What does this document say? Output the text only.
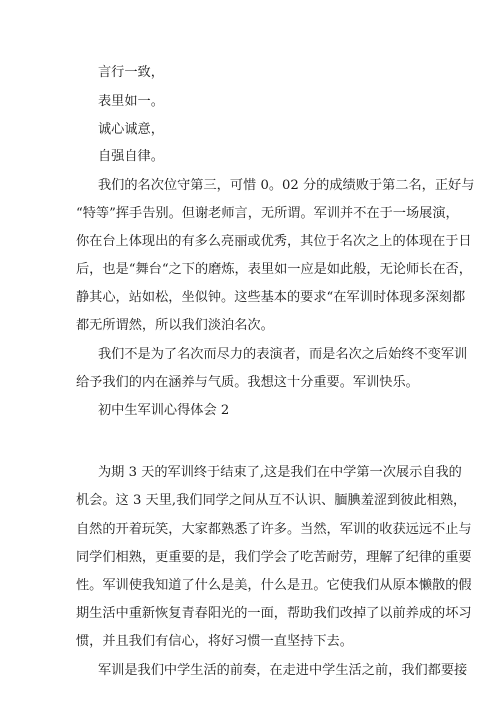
言行一致，

表里如一。

诚心诚意，

自强自律。

我们的名次位守第三，可惜 0。02 分的成绩败于第二名，正好与

“特等”挥手告别。但谢老师言，无所谓。军训并不在于一场展演，

你在台上体现出的有多么亮丽或优秀，其位于名次之上的体现在于日

后，也是“舞台“之下的磨炼，表里如一应是如此般，无论师长在否，

静其心，站如松，坐似钟。这些基本的要求“在军训时体现多深刻都

都无所谓然，所以我们淡泊名次。

我们不是为了名次而尽力的表演者，而是名次之后始终不变军训

给予我们的内在涵养与气质。我想这十分重要。军训快乐。

初中生军训心得体会 2

为期 3 天的军训终于结束了,这是我们在中学第一次展示自我的

机会。这 3 天里,我们同学之间从互不认识、腼腆羞涩到彼此相熟，

自然的开着玩笑，大家都熟悉了许多。当然，军训的收获远远不止与

同学们相熟，更重要的是，我们学会了吃苦耐劳，理解了纪律的重要

性。军训使我知道了什么是美，什么是丑。它使我们从原本懒散的假

期生活中重新恢复青春阳光的一面，帮助我们改掉了以前养成的坏习

惯，并且我们有信心，将好习惯一直坚持下去。

军训是我们中学生活的前奏，在走进中学生活之前，我们都要接
